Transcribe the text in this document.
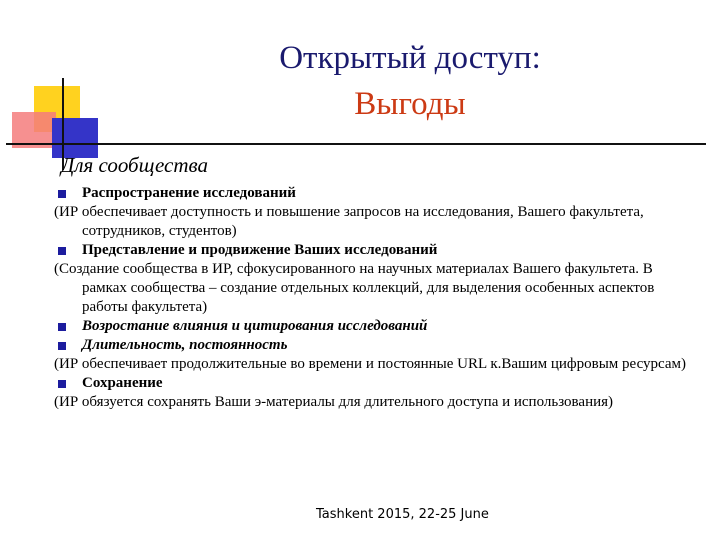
Открытый доступ:
Выгоды
Для сообщества
Распространение исследований
(ИР обеспечивает доступность и повышение запросов на исследования, Вашего факультета, сотрудников, студентов)
Представление и продвижение Ваших исследований
(Создание сообщества в ИР, сфокусированного на научных материалах Вашего факультета. В рамках сообщества – создание отдельных коллекций, для выделения особенных аспектов работы факультета)
Возростание влияния и цитирования исследований
Длительность, постоянность
(ИР обеспечивает продолжительные во времени и постоянные URL к.Вашим цифровым ресурсам)
Сохранение
(ИР обязуется сохранять Ваши э-материалы для длительного доступа и использования)
Tashkent 2015, 22-25 June
